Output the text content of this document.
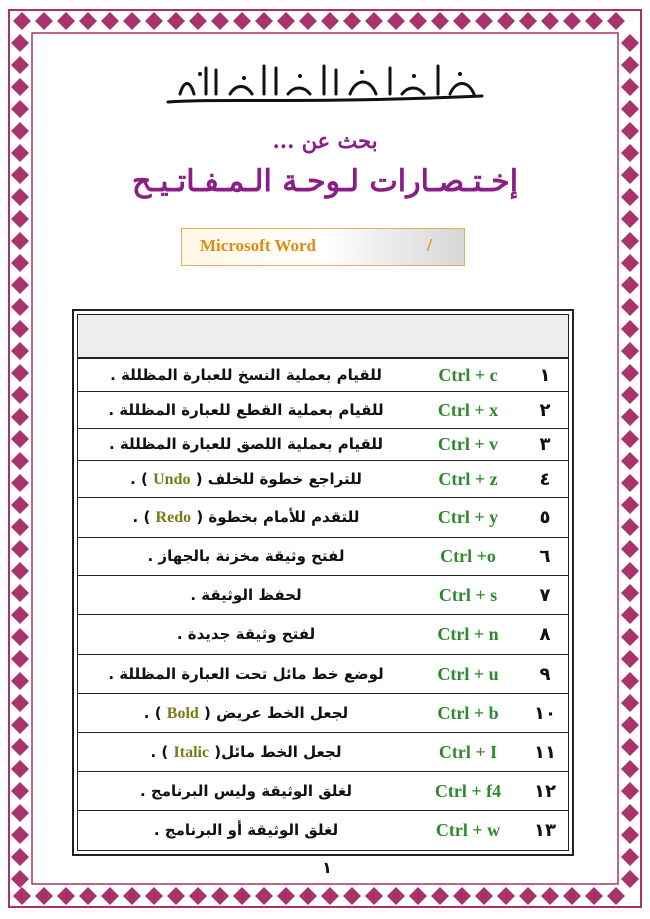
بحث عن ...
إخـتـصـارات لـوحـة الـمـفـاتـيـح
Microsoft Word	/
١
Ctrl + c
للقيام بعملية النسخ للعبارة المظللة .
٢
Ctrl + x
للقيام بعملية القطع للعبارة المظللة .
٣
Ctrl + v
للقيام بعملية اللصق للعبارة المظللة .
٤
Ctrl + z
للتراجع خطوة للخلف ( Undo ) .
٥
Ctrl + y
للتقدم للأمام بخطوة ( Redo ) .
٦
Ctrl +o
لفتح وثيقة مخزنة بالجهاز .
٧
Ctrl + s
لحفظ الوثيقة .
٨
Ctrl + n
لفتح وثيقة جديدة .
٩
Ctrl + u
لوضع خط مائل تحت العبارة المظللة .
١٠
Ctrl + b
لجعل الخط عريض ( Bold ) .
١١
Ctrl + I
لجعل الخط مائل( Italic ) .
١٢
Ctrl + f4
لغلق الوثيقة وليس البرنامج .
١٣
Ctrl + w
لغلق الوثيقة أو البرنامج .
١
